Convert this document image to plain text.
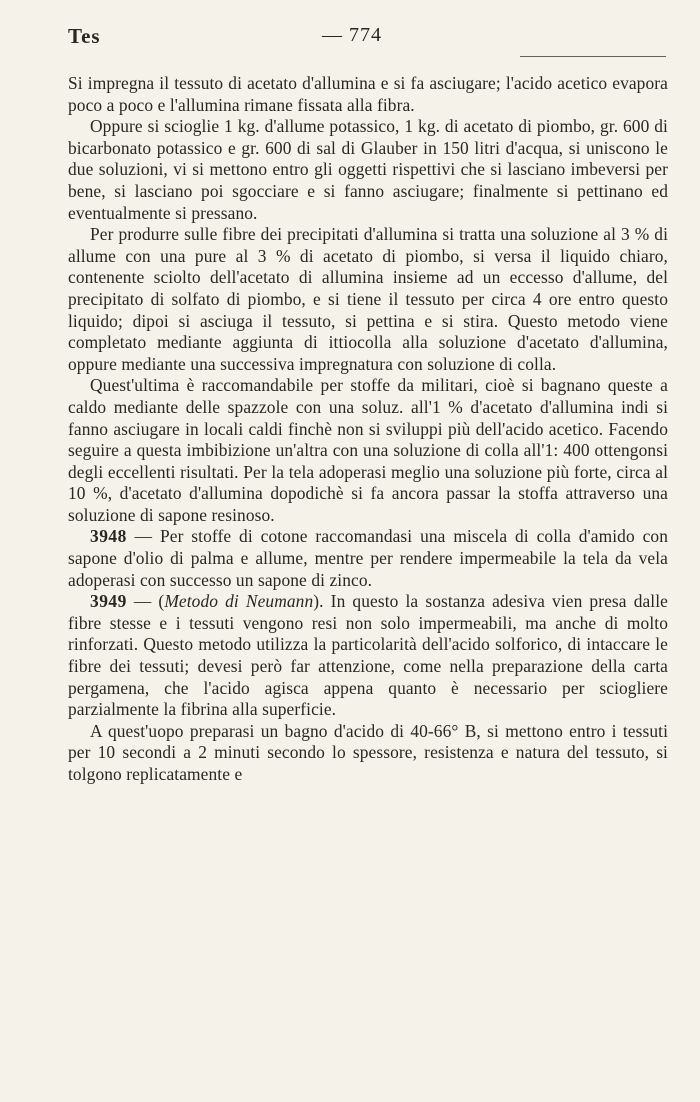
Tes	— 774

Si impregna il tessuto di acetato d'allumina e si fa asciugare; l'acido acetico evapora poco a poco e l'allumina rimane fissata alla fibra.

Oppure si scioglie 1 kg. d'allume potassico, 1 kg. di acetato di piombo, gr. 600 di bicarbonato potassico e gr. 600 di sal di Glauber in 150 litri d'acqua, si uniscono le due soluzioni, vi si mettono entro gli oggetti rispettivi che si lasciano imbeversi per bene, si lasciano poi sgocciare e si fanno asciugare; finalmente si pettinano ed eventualmente si pressano.

Per produrre sulle fibre dei precipitati d'allumina si tratta una soluzione al 3 % di allume con una pure al 3 % di acetato di piombo, si versa il liquido chiaro, contenente sciolto dell'acetato di allumina insieme ad un eccesso d'allume, del precipitato di solfato di piombo, e si tiene il tessuto per circa 4 ore entro questo liquido; dipoi si asciuga il tessuto, si pettina e si stira. Questo metodo viene completato mediante aggiunta di ittiocolla alla soluzione d'acetato d'allumina, oppure mediante una successiva impregnatura con soluzione di colla.

Quest'ultima è raccomandabile per stoffe da militari, cioè si bagnano queste a caldo mediante delle spazzole con una soluz. all'1 % d'acetato d'allumina indi si fanno asciugare in locali caldi finchè non si sviluppi più dell'acido acetico. Facendo seguire a questa imbibizione un'altra con una soluzione di colla all'1: 400 ottengonsi degli eccellenti risultati. Per la tela adoperasi meglio una soluzione più forte, circa al 10 %, d'acetato d'allumina dopodichè si fa ancora passar la stoffa attraverso una soluzione di sapone resinoso.

3948 — Per stoffe di cotone raccomandasi una miscela di colla d'amido con sapone d'olio di palma e allume, mentre per rendere impermeabile la tela da vela adoperasi con successo un sapone di zinco.

3949 — (Metodo di Neumann). In questo la sostanza adesiva vien presa dalle fibre stesse e i tessuti vengono resi non solo impermeabili, ma anche di molto rinforzati. Questo metodo utilizza la particolarità dell'acido solforico, di intaccare le fibre dei tessuti; devesi però far attenzione, come nella preparazione della carta pergamena, che l'acido agisca appena quanto è necessario per sciogliere parzialmente la fibrina alla superficie.

A quest'uopo preparasi un bagno d'acido di 40-66° B, si mettono entro i tessuti per 10 secondi a 2 minuti secondo lo spessore, resistenza e natura del tessuto, si tolgono replicatamente e
